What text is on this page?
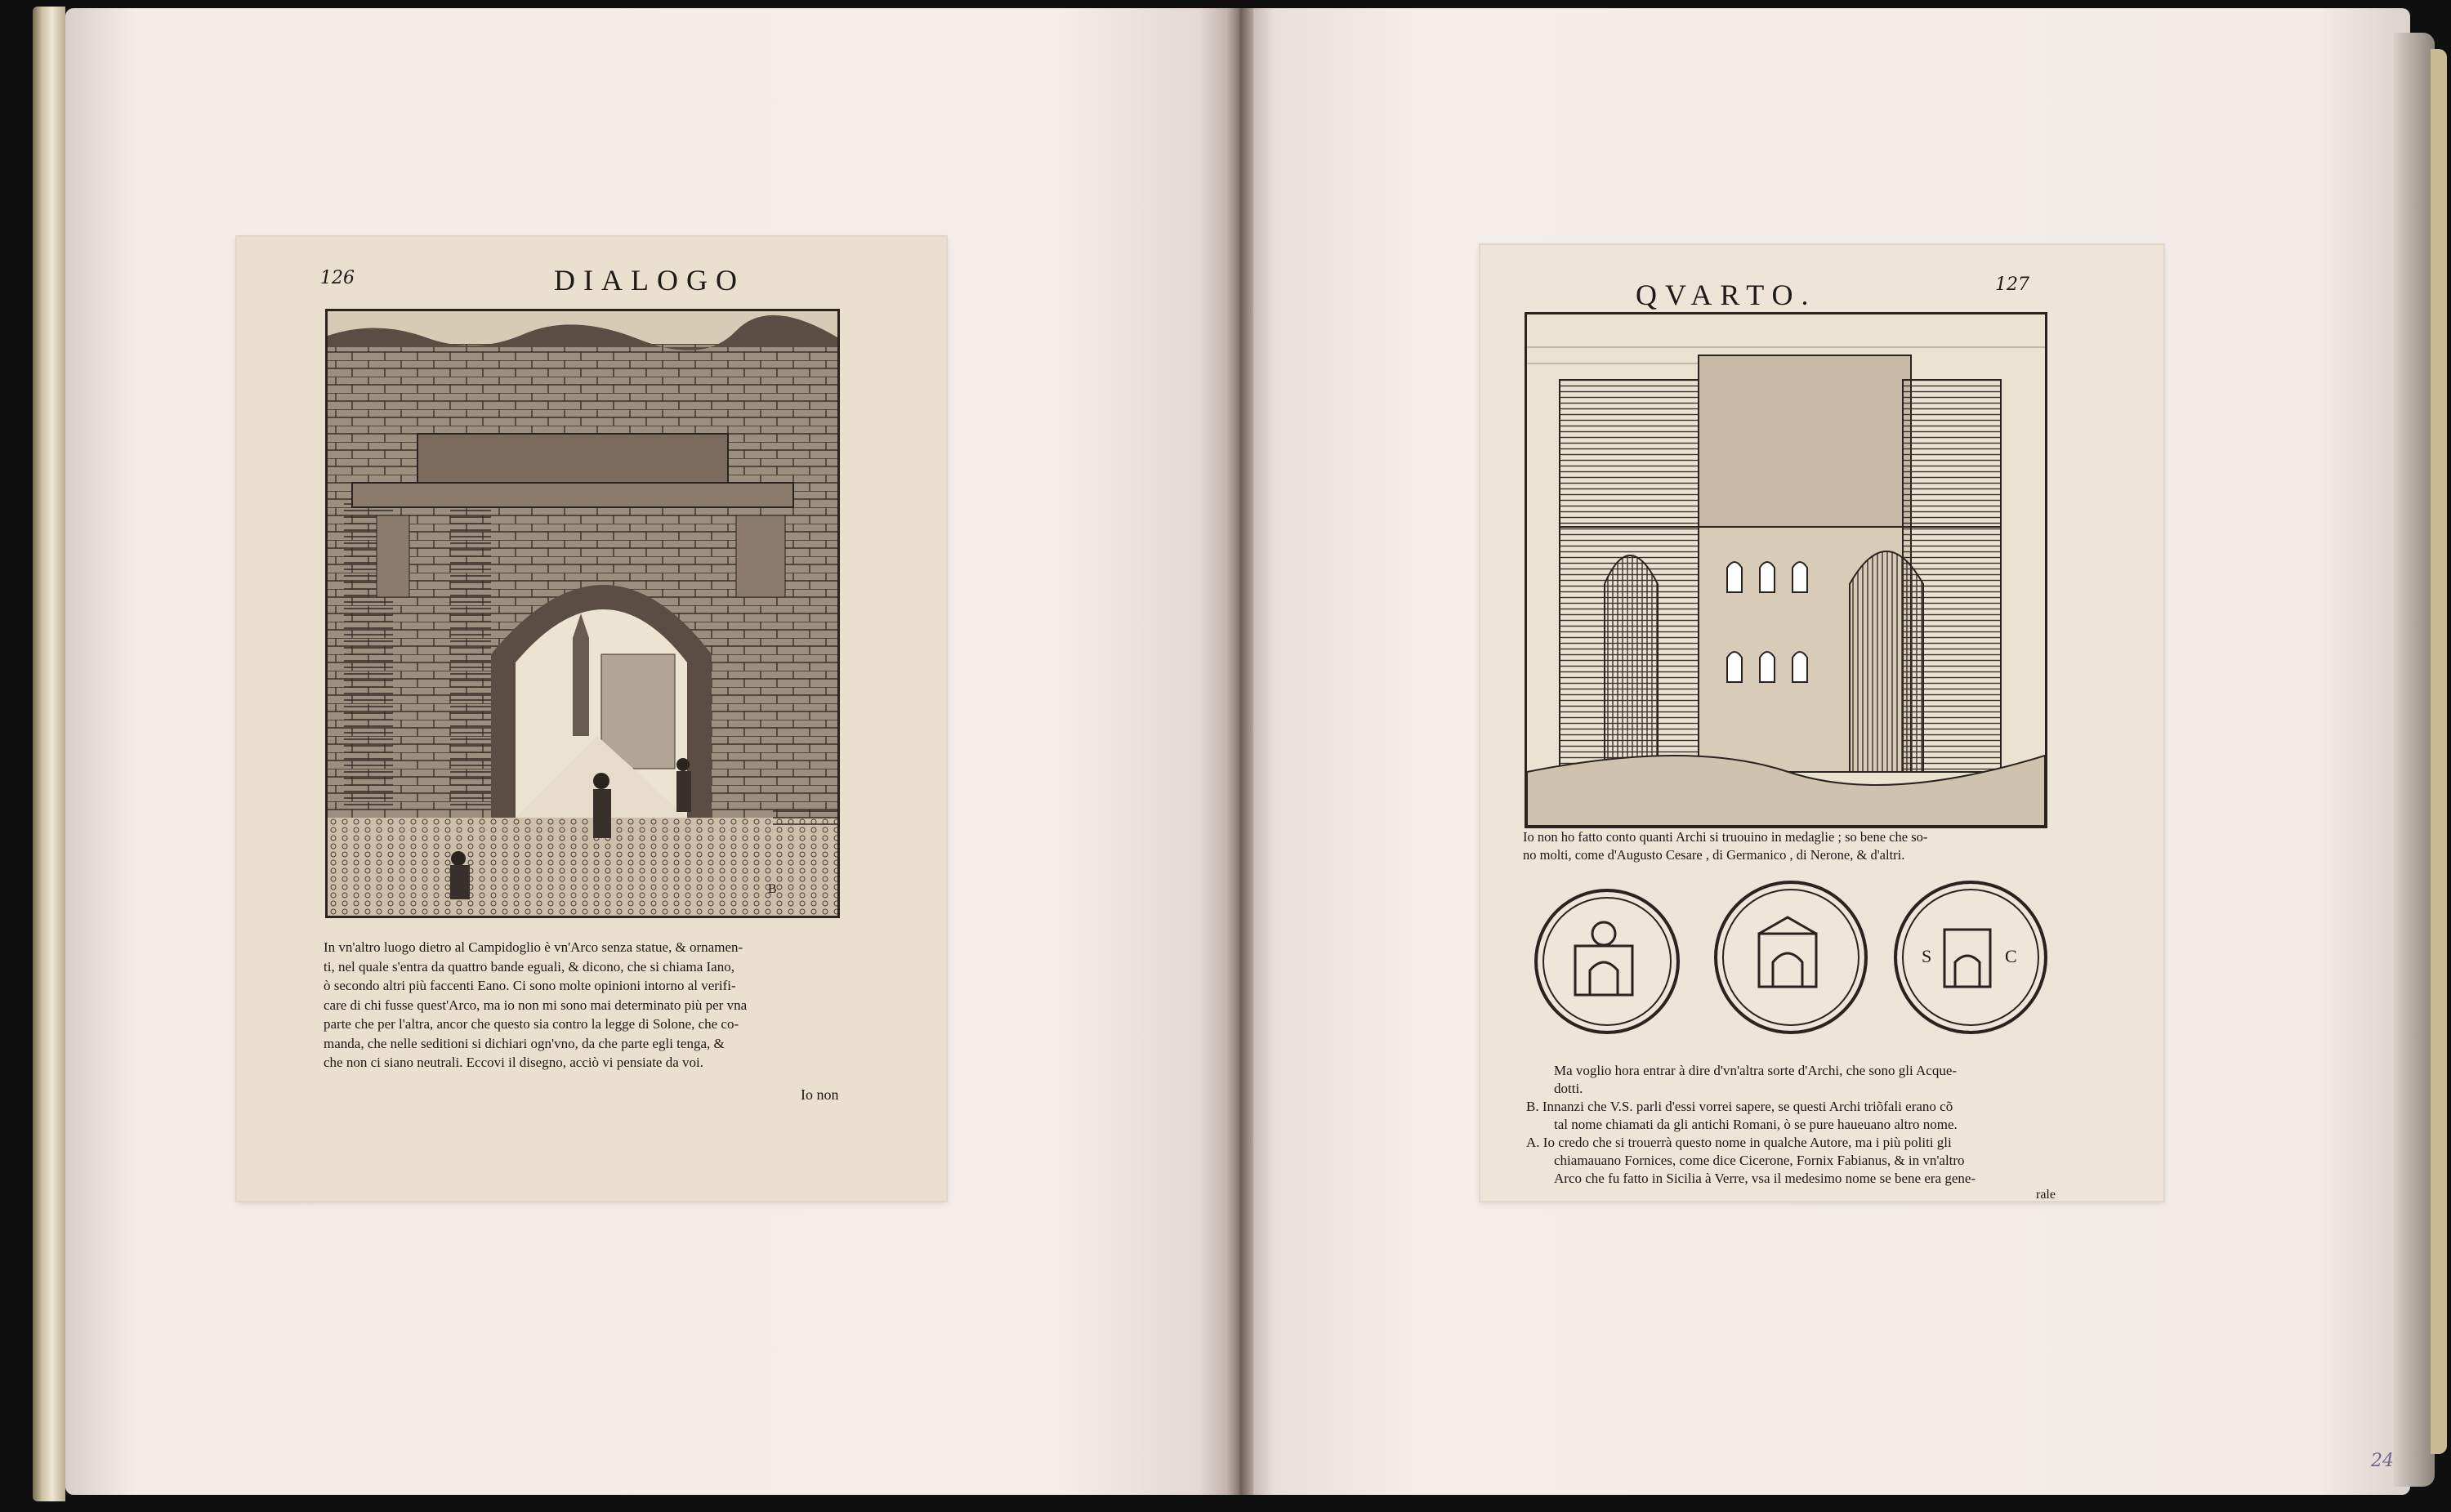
126	DIALOGO
B
In vn'altro luogo dietro al Campidoglio è vn'Arco senza statue, & ornamen-
ti, nel quale s'entra da quattro bande eguali, & dicono, che si chiama Iano,
ò secondo altri più faccenti Eano. Ci sono molte opinioni intorno al verifi-
care di chi fusse quest'Arco, ma io non mi sono mai determinato più per vna
parte che per l'altra, ancor che questo sia contro la legge di Solone, che co-
manda, che nelle seditioni si dichiari ogn'vno, da che parte egli tenga, &
che non ci siano neutrali. Eccovi il disegno, acciò vi pensiate da voi.
Io non
QVARTO.	127
Io non ho fatto conto quanti Archi si truouino in medaglie ; so bene che so-
no molti, come d'Augusto Cesare , di Germanico , di Nerone, & d'altri.
S	C
Ma voglio hora entrar à dire d'vn'altra sorte d'Archi, che sono gli Acque-
dotti.
B. Innanzi che V.S. parli d'essi vorrei sapere, se questi Archi triõfali erano cõ
tal nome chiamati da gli antichi Romani, ò se pure haueuano altro nome.
A. Io credo che si trouerrà questo nome in qualche Autore, ma i più politi gli
chiamauano Fornices, come dice Cicerone, Fornix Fabianus, & in vn'altro
Arco che fu fatto in Sicilia à Verre, vsa il medesimo nome se bene era gene-
rale
24
